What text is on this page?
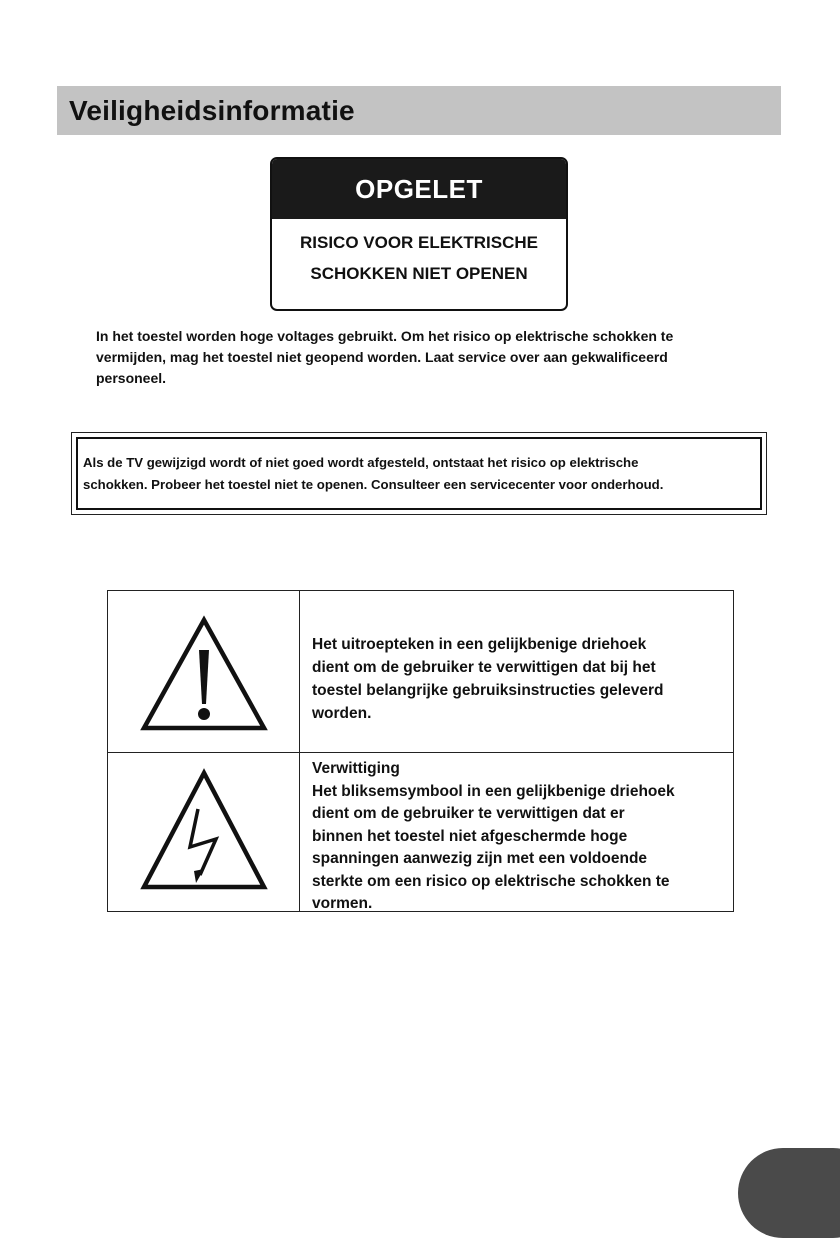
Veiligheidsinformatie
OPGELET
RISICO VOOR ELEKTRISCHE
SCHOKKEN NIET OPENEN
In het toestel worden hoge voltages gebruikt. Om het risico op elektrische schokken te
vermijden, mag het toestel niet geopend worden. Laat service over aan gekwalificeerd
personeel.
Als de TV gewijzigd wordt of niet goed wordt afgesteld, ontstaat het risico op elektrische
schokken. Probeer het toestel niet te openen. Consulteer een servicecenter voor onderhoud.
Het uitroepteken in een gelijkbenige driehoek
dient om de gebruiker te verwittigen dat bij het
toestel belangrijke gebruiksinstructies geleverd
worden.
Verwittiging
Het bliksemsymbool in een gelijkbenige driehoek
dient om de gebruiker te verwittigen dat er
binnen het toestel niet afgeschermde hoge
spanningen aanwezig zijn met een voldoende
sterkte om een risico op elektrische schokken te
vormen.
